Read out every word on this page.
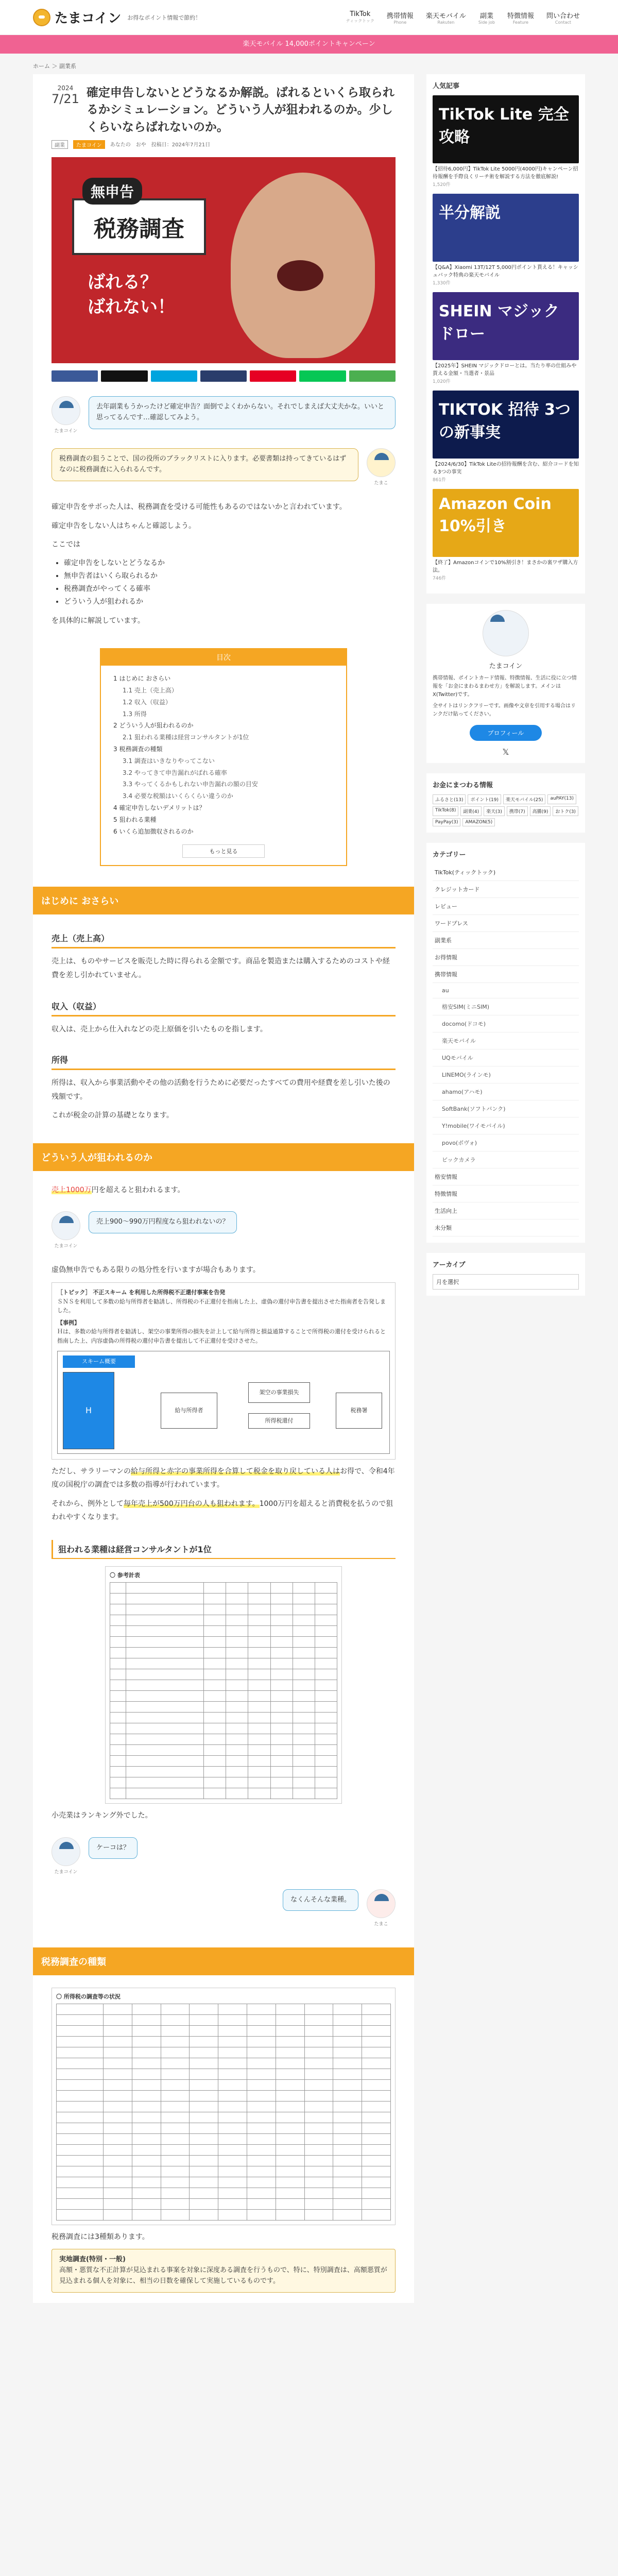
たまコイン お得なポイント情報で節約！	TikTok
ティックトック
携帯情報
Phone
楽天モバイル
Rakuten
副業
Side job
特徴情報
Feature
問い合わせ
Contact
楽天モバイル 14,000ポイントキャンペーン
ホーム ＞ 副業系
2024
7/21 確定申告しないとどうなるか解説。ばれるといくら取られるかシミュレーション。どういう人が狙われるのか。少しくらいならばれないのか。
副業	たまコイン	あなたの おや 投稿日：2024年7月21日
税務調査
無申告
ばれる？
ばれない！
たまコイン
去年副業もうかったけど確定申告？面倒でよくわからない。それでしまえば大丈夫かな。いいと思ってるんです…確認してみよう。
税務調査の狙うことで、国の役所のブラックリストに入ります。必要書類は持ってきているはずなのに税務調査に入られるんです。
たまこ

確定申告をサボった人は、税務調査を受ける可能性もあるのではないかと言われています。

確定申告をしない人はちゃんと確認しよう。

ここでは

• 確定申告をしないとどうなるか
• 無申告者はいくら取られるか
• 税務調査がやってくる確率
• どういう人が狙われるか

を具体的に解説しています。

目次
1 はじめに おさらい
1.1 売上（売上高）
1.2 収入（収益）
1.3 所得
2 どういう人が狙われるのか
2.1 狙われる業種は経営コンサルタントが1位
3 税務調査の種類
3.1 調査はいきなりやってこない
3.2 やってきて申告漏れがばれる確率
3.3 やってくるかもしれない申告漏れの額の目安
3.4 必要な税額はいくらくらい違うのか
4 確定申告しないデメリットは？
5 狙われる業種
6 いくら追加徴収されるのか
もっと見る
はじめに おさらい
売上（売上高）

売上は、ものやサービスを販売した時に得られる金額です。商品を製造または購入するためのコストや経費を差し引かれていません。

収入（収益）

収入は、売上から仕入れなどの売上原価を引いたものを指します。

所得

所得は、収入から事業活動やその他の活動を行うために必要だったすべての費用や経費を差し引いた後の残額です。

これが税金の計算の基礎となります。

どういう人が狙われるのか

売上1000万円を超えると狙われるます。

たまコイン
売上900〜990万円程度なら狙われないの？

虚偽無申告でもある限りの処分性を行いますが場合もあります。

［トピック］ 不正スキーム を利用した所得税不正還付事案を告発
ＳＮＳを利用して多数の給与所得者を勧誘し、所得税の不正還付を指南した上、虚偽の還付申告書を提出させた指南者を告発しました。
【事例】
Ｈは、多数の給与所得者を勧誘し、架空の事業所得の損失を計上して給与所得と損益通算することで所得税の還付を受けられると指南した上、内容虚偽の所得税の還付申告書を提出して不正還付を受けさせた。
スキーム概要
H	給与所得者
架空の事業損失
税務署
所得税還付

ただし、サラリーマンの給与所得と赤字の事業所得を合算して税金を取り戻している人はお得で、令和4年度の国税庁の調査では多数の指導が行われています。

それから、例外として毎年売上が500万円台の人も狙われます。1000万円を超えると消費税を払うので狙われやすくなります。

狙われる業種は経営コンサルタントが1位
〇 参考計表

小売業はランキング外でした。

たまコイン
ケーコは？
なくんそんな業種。
たまこ
税務調査の種類
〇 所得税の調査等の状況

税務調査には3種類あります。

実地調査(特別・一般)
高額・悪質な不正計算が見込まれる事案を対象に深度ある調査を行うもので、特に、特別調査は、高額悪質が見込まれる個人を対象に、相当の日数を確保して実施しているものです。
人気記事
TikTok Lite 完全攻略
【招待6,000円】TikTok Lite 5000円(4000円)キャンペーン招待報酬を手際良くリーチ術を解説する方法を徹底解説!
1,520件
半分解説
【Q&A】Xiaomi 13T/12T 5,000円ポイント貰える！キャッシュバック特典の楽天モバイル
1,330件
SHEIN マジックドロー
【2025年】SHEIN マジックドローとは。当たり率の仕組みや貰える金額・当選者・景品
1,020件
TIKTOK 招待 3つの新事実
【2024/6/30】TikTok Liteの招待報酬を含む、紹介コードを知る3つの事実
861件
Amazon Coin 10%引き
【終了】Amazonコインで10%割引き！まさかの裏ワザ購入方法。
746件
たまコイン

携帯情報、ポイントカード情報、特徴情報、生活に役に立つ情報を「お金にまわるまわせ方」を解説します。メインは X(Twitter)です。

全サイトはリンクフリーです。画像や文章を引用する場合はリンクだけ貼ってください。

プロフィール
𝕏
お金にまつわる情報
ふるさと(13)	ポイント(19)	楽天モバイル(25)	auPAY(13)
TikTok(8)	副業(4)	楽天(3)	携帯(7)	高騰(9)	おトク(3)
PayPay(3)	AMAZON(5)
カテゴリー
TikTok(ティックトック)
クレジットカード
レビュー
ワードプレス
副業系
お得情報
携帯情報
au
格安SIM(ミニSIM)
docomo(ドコモ)
楽天モバイル
UQモバイル
LINEMO(ラインモ)
ahamo(アハモ)
SoftBank(ソフトバンク)
Y!mobile(ワイモバイル)
povo(ポヴォ)
ビックカメラ
格安情報
特徴情報
生活向上
未分類
アーカイブ
月を選択
